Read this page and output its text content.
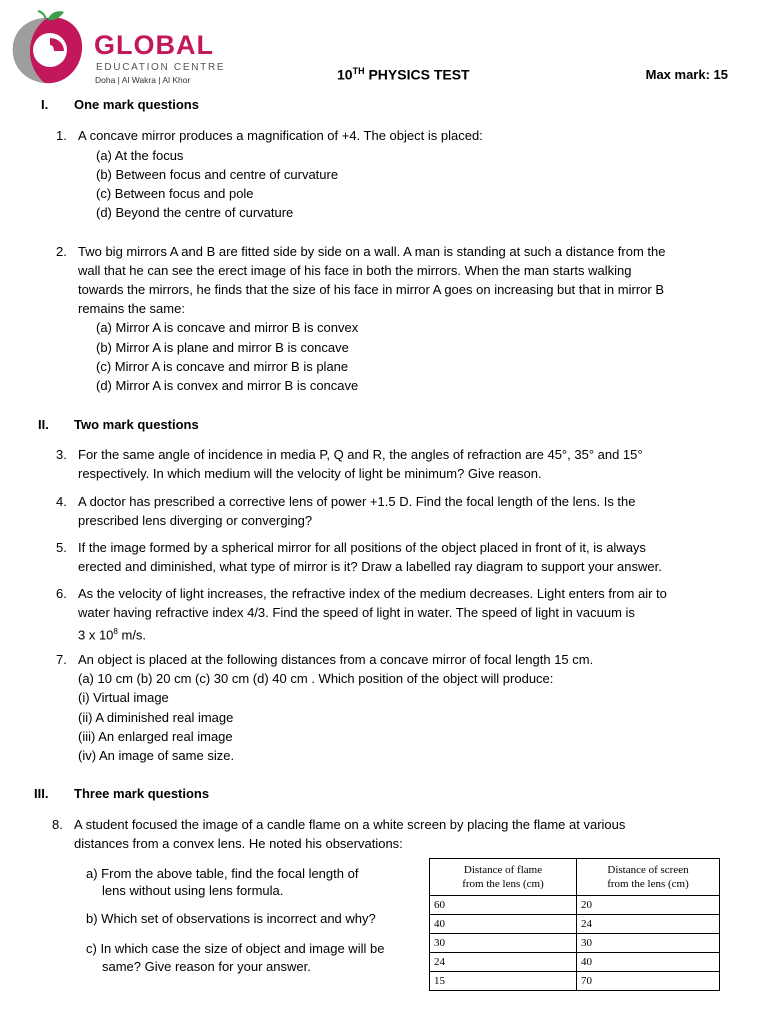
GLOBAL
EDUCATION CENTRE
Doha | Al Wakra | Al Khor	10TH PHYSICS TEST	Max mark: 15
I. One mark questions
1. A concave mirror produces a magnification of +4. The object is placed:
(a) At the focus
(b) Between focus and centre of curvature
(c) Between focus and pole
(d) Beyond the centre of curvature
2. Two big mirrors A and B are fitted side by side on a wall. A man is standing at such a distance from the
wall that he can see the erect image of his face in both the mirrors. When the man starts walking
towards the mirrors, he finds that the size of his face in mirror A goes on increasing but that in mirror B
remains the same:
(a) Mirror A is concave and mirror B is convex
(b) Mirror A is plane and mirror B is concave
(c) Mirror A is concave and mirror B is plane
(d) Mirror A is convex and mirror B is concave
II. Two mark questions
3. For the same angle of incidence in media P, Q and R, the angles of refraction are 45°, 35° and 15°
respectively. In which medium will the velocity of light be minimum? Give reason.
4. A doctor has prescribed a corrective lens of power +1.5 D. Find the focal length of the lens. Is the
prescribed lens diverging or converging?
5. If the image formed by a spherical mirror for all positions of the object placed in front of it, is always
erected and diminished, what type of mirror is it? Draw a labelled ray diagram to support your answer.
6. As the velocity of light increases, the refractive index of the medium decreases. Light enters from air to
water having refractive index 4/3. Find the speed of light in water. The speed of light in vacuum is
3 x $10^8$ m/s.
7. An object is placed at the following distances from a concave mirror of focal length 15 cm.
(a) 10 cm (b) 20 cm (c) 30 cm (d) 40 cm . Which position of the object will produce:
(i) Virtual image
(ii) A diminished real image
(iii) An enlarged real image
(iv) An image of same size.
III. Three mark questions
8. A student focused the image of a candle flame on a white screen by placing the flame at various
distances from a convex lens. He noted his observations:
a) From the above table, find the focal length of
lens without using lens formula.
b) Which set of observations is incorrect and why?
c) In which case the size of object and image will be
same? Give reason for your answer.
Distance of flame
from the lens (cm)	Distance of screen
from the lens (cm)
60	20
40	24
30	30
24	40
15	70
